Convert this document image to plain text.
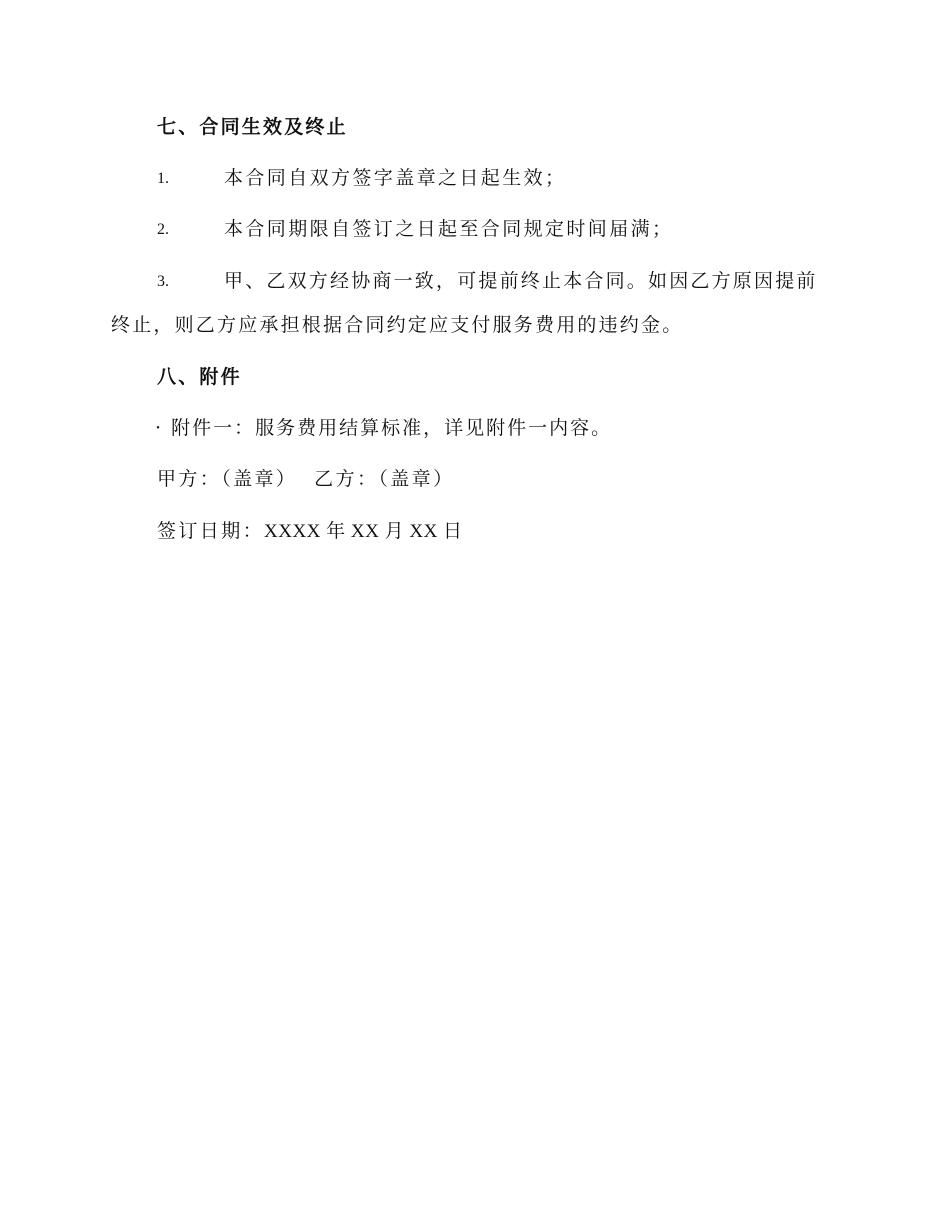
七、合同生效及终止
1.	本合同自双方签字盖章之日起生效；
2.	本合同期限自签订之日起至合同规定时间届满；
3.	甲、乙双方经协商一致，可提前终止本合同。如因乙方原因提前
终止，则乙方应承担根据合同约定应支付服务费用的违约金。
八、附件
· 附件一：服务费用结算标准，详见附件一内容。
甲方：（盖章）  乙方：（盖章）
签订日期：XXXX 年 XX 月 XX 日
